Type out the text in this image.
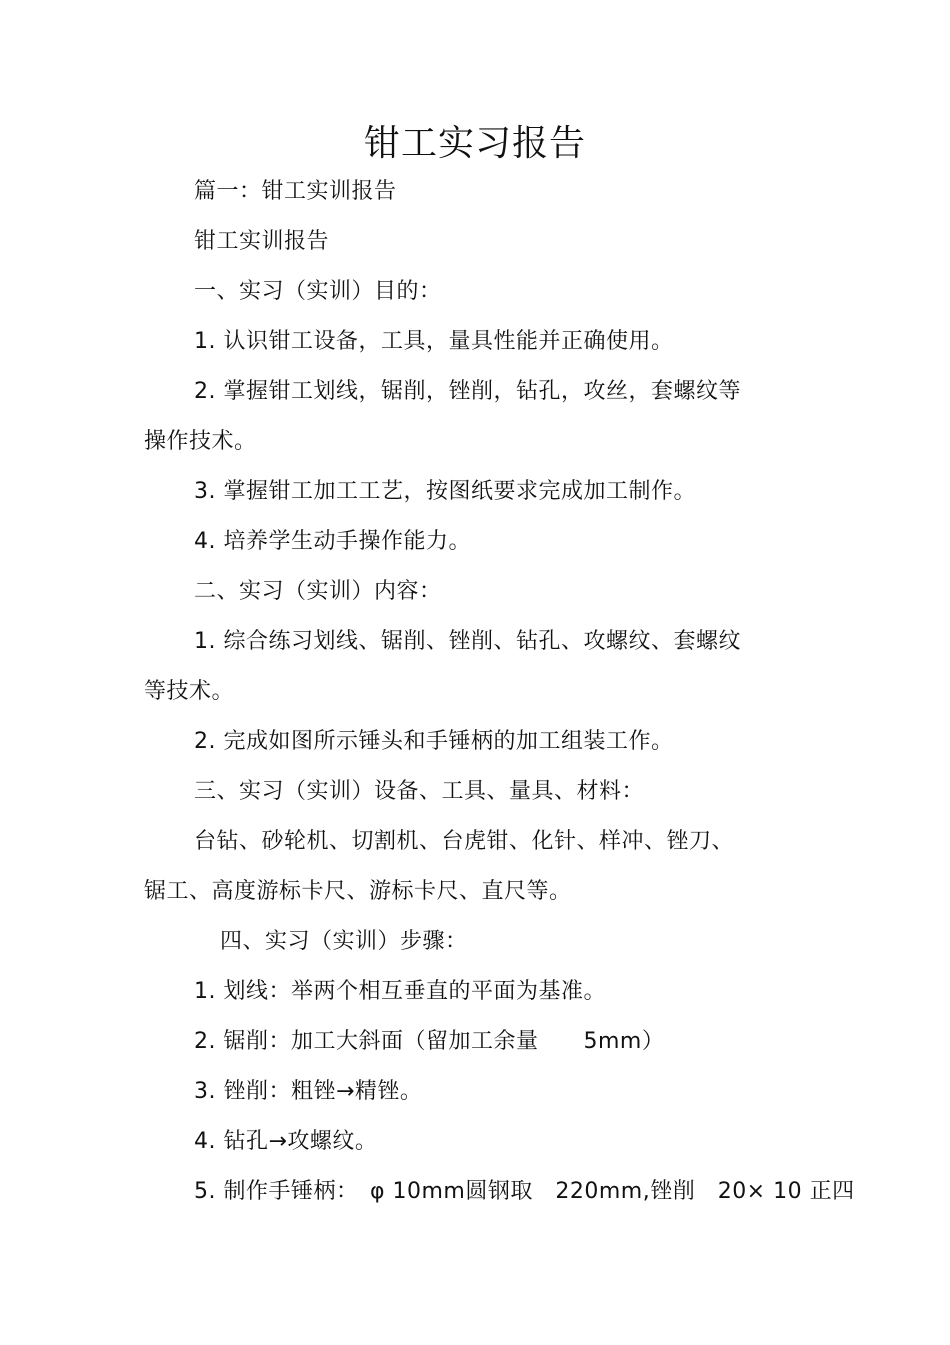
钳工实习报告
篇一：钳工实训报告
钳工实训报告
一、实习（实训）目的：
1. 认识钳工设备，工具，量具性能并正确使用。
2. 掌握钳工划线，锯削，锉削，钻孔，攻丝，套螺纹等
操作技术。
3. 掌握钳工加工工艺，按图纸要求完成加工制作。
4. 培养学生动手操作能力。
二、实习（实训）内容：
1. 综合练习划线、锯削、锉削、钻孔、攻螺纹、套螺纹
等技术。
2. 完成如图所示锤头和手锤柄的加工组装工作。
三、实习（实训）设备、工具、量具、材料：
台钻、砂轮机、切割机、台虎钳、化针、样冲、锉刀、
锯工、高度游标卡尺、游标卡尺、直尺等。
四、实习（实训）步骤：
1. 划线：举两个相互垂直的平面为基准。
2. 锯削：加工大斜面（留加工余量　　5mm）
3. 锉削：粗锉→精锉。
4. 钻孔→攻螺纹。
5. 制作手锤柄：　φ 10mm圆钢取　220mm,锉削　20× 10 正四
